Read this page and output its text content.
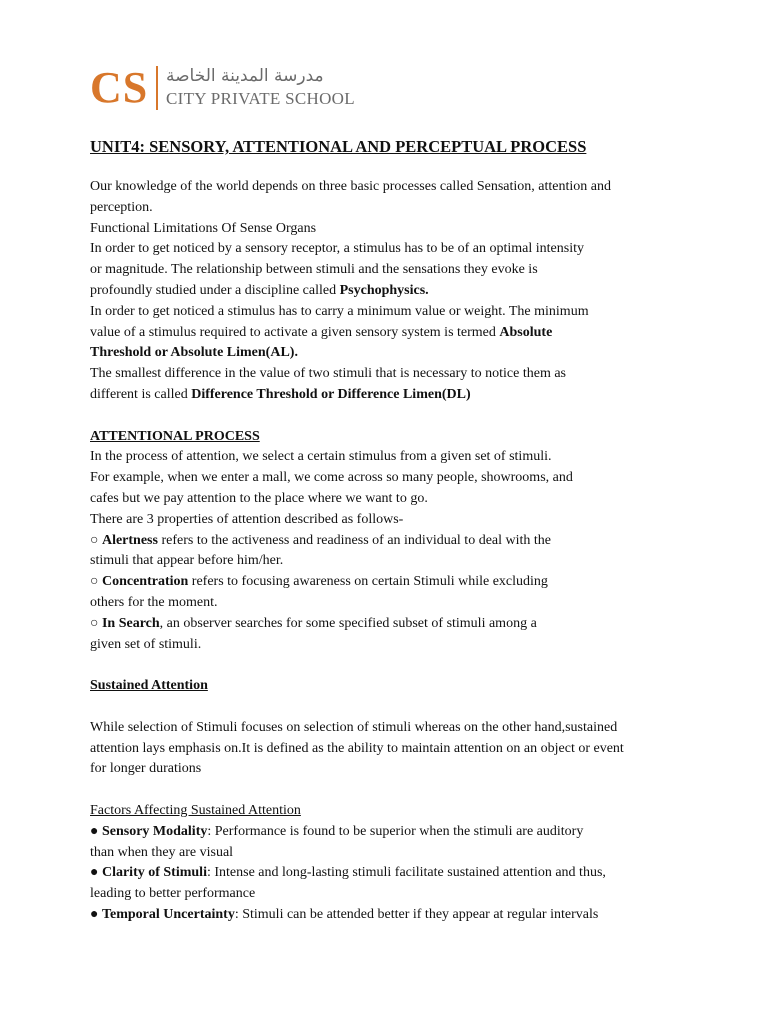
CS مدرسة المدينة الخاصة
CITY PRIVATE SCHOOL
UNIT4: SENSORY, ATTENTIONAL AND PERCEPTUAL PROCESS

Our knowledge of the world depends on three basic processes called Sensation, attention and

perception.

Functional Limitations Of Sense Organs

In order to get noticed by a sensory receptor, a stimulus has to be of an optimal intensity

or magnitude. The relationship between stimuli and the sensations they evoke is

profoundly studied under a discipline called Psychophysics.

In order to get noticed a stimulus has to carry a minimum value or weight. The minimum

value of a stimulus required to activate a given sensory system is termed Absolute

Threshold or Absolute Limen(AL).

The smallest difference in the value of two stimuli that is necessary to notice them as

different is called Difference Threshold or Difference Limen(DL)

ATTENTIONAL PROCESS

In the process of attention, we select a certain stimulus from a given set of stimuli.

For example, when we enter a mall, we come across so many people, showrooms, and

cafes but we pay attention to the place where we want to go.

There are 3 properties of attention described as follows-

○ Alertness refers to the activeness and readiness of an individual to deal with the

stimuli that appear before him/her.

○ Concentration refers to focusing awareness on certain Stimuli while excluding

others for the moment.

○ In Search, an observer searches for some specified subset of stimuli among a

given set of stimuli.

Sustained Attention

While selection of Stimuli focuses on selection of stimuli whereas on the other hand,sustained

attention lays emphasis on.It is defined as the ability to maintain attention on an object or event

for longer durations

Factors Affecting Sustained Attention

● Sensory Modality: Performance is found to be superior when the stimuli are auditory

than when they are visual

● Clarity of Stimuli: Intense and long-lasting stimuli facilitate sustained attention and thus,

leading to better performance

● Temporal Uncertainty: Stimuli can be attended better if they appear at regular intervals
